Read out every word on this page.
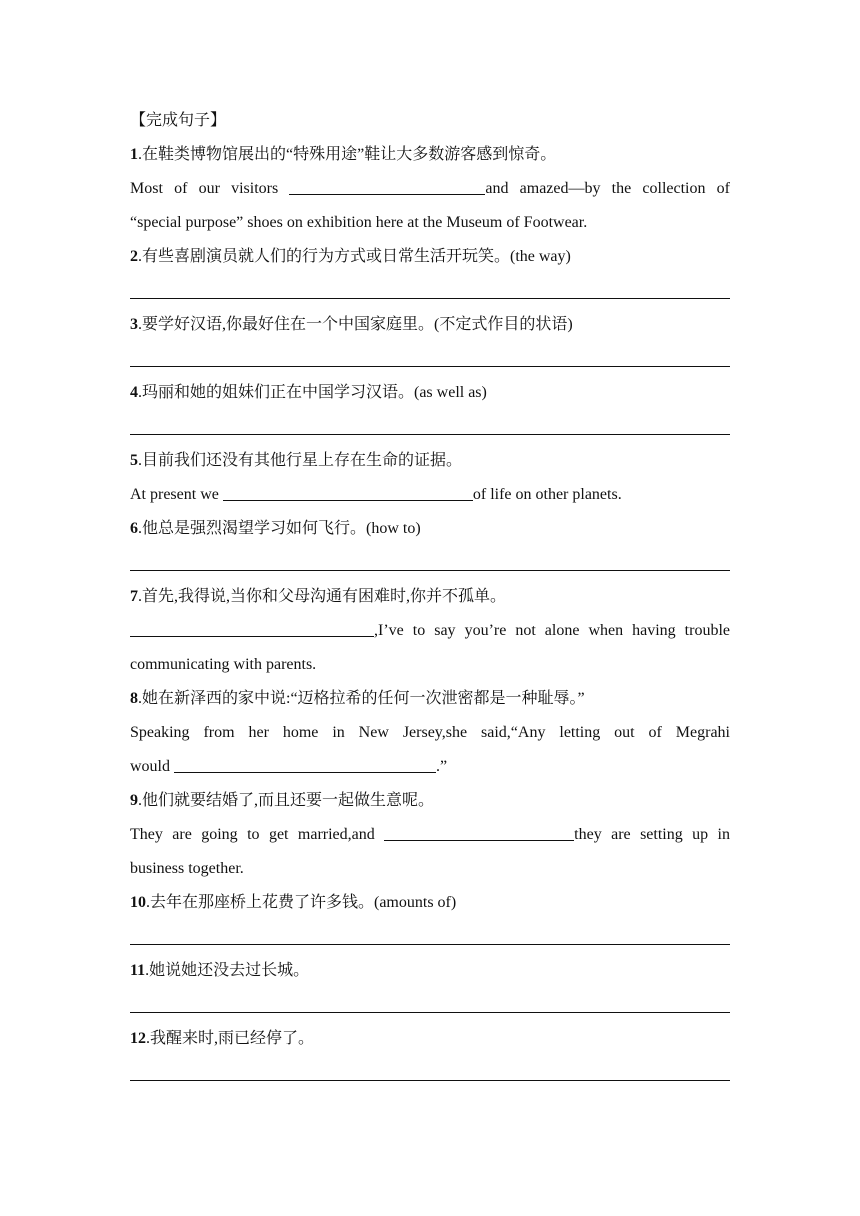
【完成句子】
1.在鞋类博物馆展出的“特殊用途”鞋让大多数游客感到惊奇。
Most of our visitors	and amazed—by the collection of
“special purpose” shoes on exhibition here at the Museum of Footwear.
2.有些喜剧演员就人们的行为方式或日常生活开玩笑。(the way)
3.要学好汉语,你最好住在一个中国家庭里。(不定式作目的状语)
4.玛丽和她的姐妹们正在中国学习汉语。(as well as)
5.目前我们还没有其他行星上存在生命的证据。
At present we	of life on other planets.
6.他总是强烈渴望学习如何飞行。(how to)
7.首先,我得说,当你和父母沟通有困难时,你并不孤单。
,I’ve to say you’re not alone when having trouble
communicating with parents.
8.她在新泽西的家中说:“迈格拉希的任何一次泄密都是一种耻辱。”
Speaking from her home in New Jersey,she said,“Any letting out of Megrahi
would	.”
9.他们就要结婚了,而且还要一起做生意呢。
They are going to get married,and	they are setting up in
business together.
10.去年在那座桥上花费了许多钱。(amounts of)
11.她说她还没去过长城。
12.我醒来时,雨已经停了。
